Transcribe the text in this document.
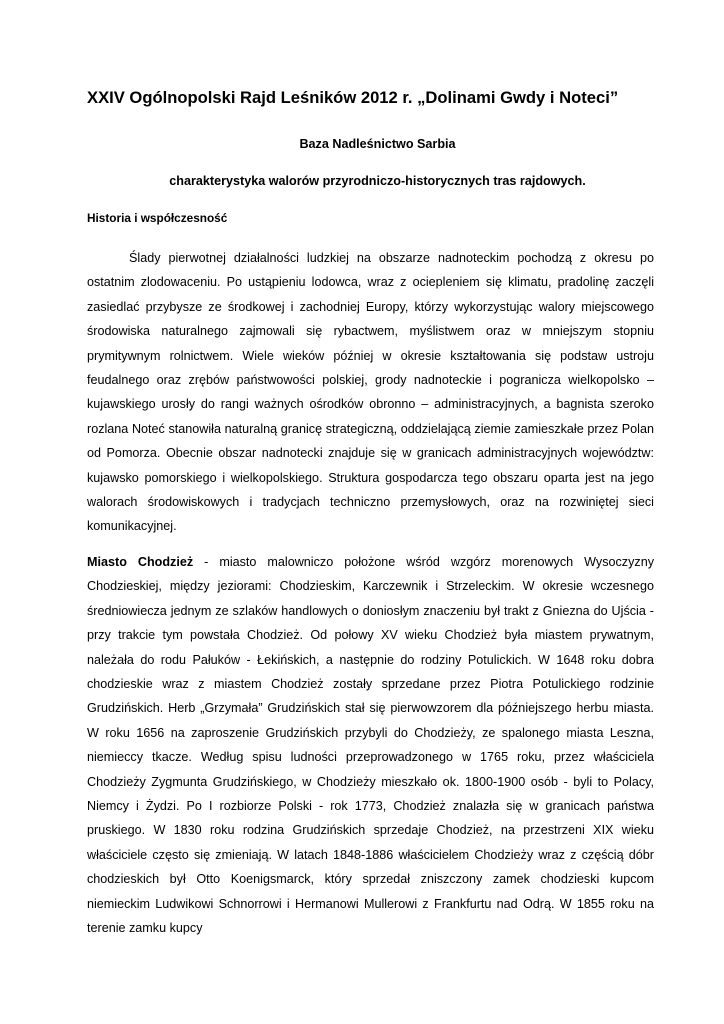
XXIV Ogólnopolski Rajd Leśników 2012 r. „Dolinami Gwdy i Noteci”

Baza Nadleśnictwo Sarbia

charakterystyka walorów przyrodniczo-historycznych tras rajdowych.

Historia i współczesność

Ślady pierwotnej działalności ludzkiej na obszarze nadnoteckim pochodzą z okresu po ostatnim zlodowaceniu. Po ustąpieniu lodowca, wraz z ociepleniem się klimatu, pradolinę zaczęli zasiedlać przybysze ze środkowej i zachodniej Europy, którzy wykorzystując walory miejscowego środowiska naturalnego zajmowali się rybactwem, myślistwem oraz w mniejszym stopniu prymitywnym rolnictwem. Wiele wieków później w okresie kształtowania się podstaw ustroju feudalnego oraz zrębów państwowości polskiej, grody nadnoteckie i pogranicza wielkopolsko – kujawskiego urosły do rangi ważnych ośrodków obronno – administracyjnych, a bagnista szeroko rozlana Noteć stanowiła naturalną granicę strategiczną, oddzielającą ziemie zamieszkałe przez Polan od Pomorza. Obecnie obszar nadnotecki znajduje się w granicach administracyjnych województw: kujawsko pomorskiego i wielkopolskiego. Struktura gospodarcza tego obszaru oparta jest na jego walorach środowiskowych i tradycjach techniczno przemysłowych, oraz na rozwiniętej sieci komunikacyjnej.

Miasto Chodzież - miasto malowniczo położone wśród wzgórz morenowych Wysoczyzny Chodzieskiej, między jeziorami: Chodzieskim, Karczewnik i Strzeleckim. W okresie wczesnego średniowiecza jednym ze szlaków handlowych o doniosłym znaczeniu był trakt z Gniezna do Ujścia - przy trakcie tym powstała Chodzież. Od połowy XV wieku Chodzież była miastem prywatnym, należała do rodu Pałuków - Łekińskich, a następnie do rodziny Potulickich. W 1648 roku dobra chodzieskie wraz z miastem Chodzież zostały sprzedane przez Piotra Potulickiego rodzinie Grudzińskich. Herb „Grzymała” Grudzińskich stał się pierwowzorem dla późniejszego herbu miasta. W roku 1656 na zaproszenie Grudzińskich przybyli do Chodzieży, ze spalonego miasta Leszna, niemieccy tkacze. Według spisu ludności przeprowadzonego w 1765 roku, przez właściciela Chodzieży Zygmunta Grudzińskiego, w Chodzieży mieszkało ok. 1800-1900 osób - byli to Polacy, Niemcy i Żydzi. Po I rozbiorze Polski - rok 1773, Chodzież znalazła się w granicach państwa pruskiego. W 1830 roku rodzina Grudzińskich sprzedaje Chodzież, na przestrzeni XIX wieku właściciele często się zmieniają. W latach 1848-1886 właścicielem Chodzieży wraz z częścią dóbr chodzieskich był Otto Koenigsmarck, który sprzedał zniszczony zamek chodzieski kupcom niemieckim Ludwikowi Schnorrowi i Hermanowi Mullerowi z Frankfurtu nad Odrą. W 1855 roku na terenie zamku kupcy
